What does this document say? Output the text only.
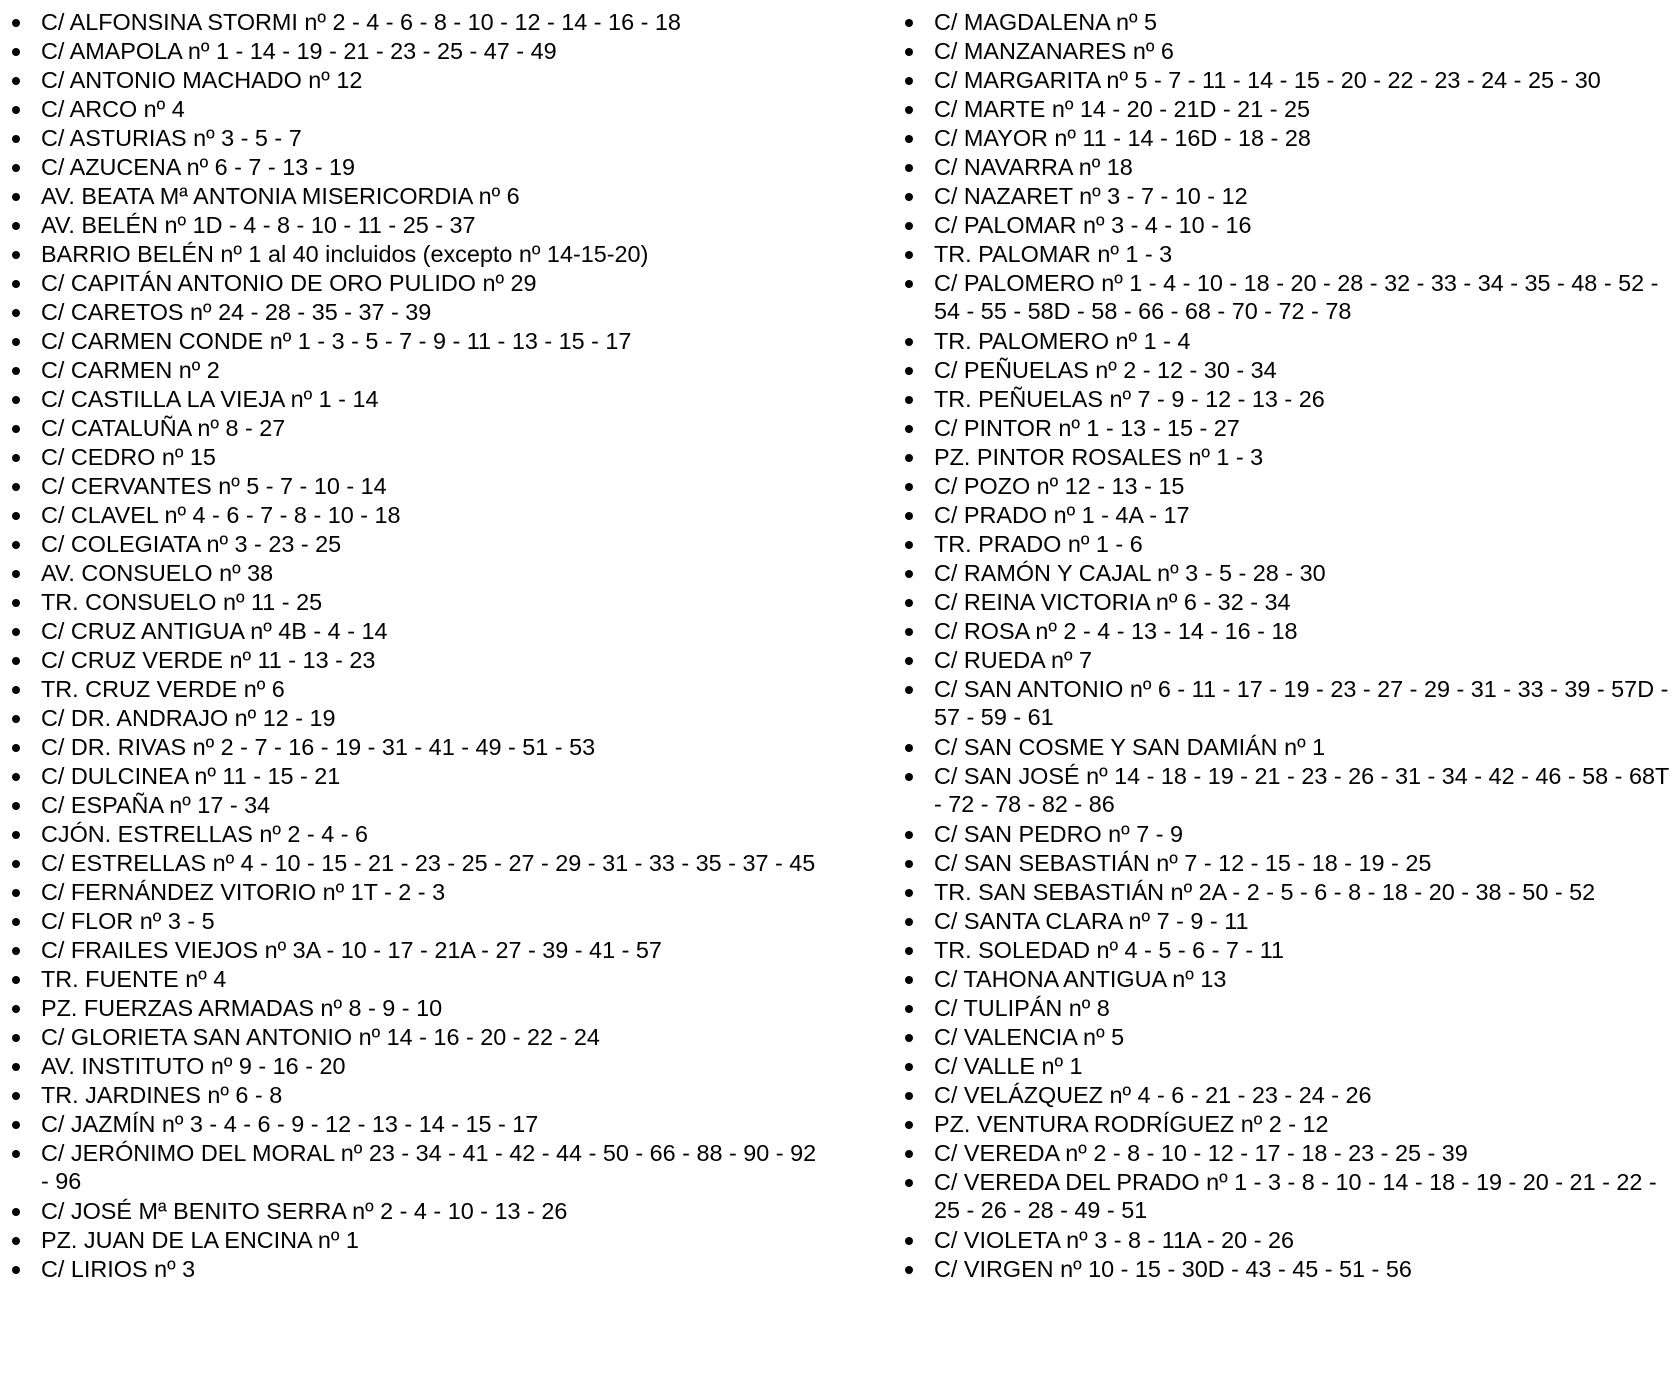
C/ ALFONSINA STORMI nº 2 - 4 - 6 - 8 - 10 - 12 - 14 - 16 - 18
C/ AMAPOLA nº 1 - 14 - 19 - 21 - 23 - 25 - 47 - 49
C/ ANTONIO MACHADO nº 12
C/ ARCO nº 4
C/ ASTURIAS nº 3 - 5 - 7
C/ AZUCENA nº 6 - 7 - 13 - 19
AV. BEATA Mª ANTONIA MISERICORDIA nº 6
AV. BELÉN nº 1D - 4 - 8 - 10 - 11 - 25 - 37
BARRIO BELÉN nº 1 al 40 incluidos (excepto nº 14-15-20)
C/ CAPITÁN ANTONIO DE ORO PULIDO nº 29
C/ CARETOS nº 24 - 28 - 35 - 37 - 39
C/ CARMEN CONDE nº 1 - 3 - 5 - 7 - 9 - 11 - 13 - 15 - 17
C/ CARMEN nº 2
C/ CASTILLA LA VIEJA nº 1 - 14
C/ CATALUÑA nº 8 - 27
C/ CEDRO nº 15
C/ CERVANTES nº 5 - 7 - 10 - 14
C/ CLAVEL nº 4 - 6 - 7 - 8 - 10 - 18
C/ COLEGIATA nº 3 - 23 - 25
AV. CONSUELO nº 38
TR. CONSUELO nº 11 - 25
C/ CRUZ ANTIGUA nº 4B - 4 - 14
C/ CRUZ VERDE nº 11 - 13 - 23
TR. CRUZ VERDE nº 6
C/ DR. ANDRAJO nº 12 - 19
C/ DR. RIVAS nº 2 - 7 - 16 - 19 - 31 - 41 - 49 - 51 - 53
C/ DULCINEA nº 11 - 15 - 21
C/ ESPAÑA nº 17 - 34
CJÓN. ESTRELLAS nº 2 - 4 - 6
C/ ESTRELLAS nº 4 - 10 - 15 - 21 - 23 - 25 - 27 - 29 - 31 - 33 - 35 - 37 - 45
C/ FERNÁNDEZ VITORIO nº 1T - 2 - 3
C/ FLOR nº 3 - 5
C/ FRAILES VIEJOS nº 3A - 10 - 17 - 21A - 27 - 39 - 41 - 57
TR. FUENTE nº 4
PZ. FUERZAS ARMADAS nº 8 - 9 - 10
C/ GLORIETA SAN ANTONIO nº 14 - 16 - 20 - 22 - 24
AV. INSTITUTO nº 9 - 16 - 20
TR. JARDINES nº 6 - 8
C/ JAZMÍN nº 3 - 4 - 6 - 9 - 12 - 13 - 14 - 15 - 17
C/ JERÓNIMO DEL MORAL nº 23 - 34 - 41 - 42 - 44 - 50 - 66 - 88 - 90 - 92 - 96
C/ JOSÉ Mª BENITO SERRA nº 2 - 4 - 10 - 13 - 26
PZ. JUAN DE LA ENCINA nº 1
C/ LIRIOS nº 3
C/ MAGDALENA nº 5
C/ MANZANARES nº 6
C/ MARGARITA nº 5 - 7 - 11 - 14 - 15 - 20 - 22 - 23 - 24 - 25 - 30
C/ MARTE nº 14 - 20 - 21D - 21 - 25
C/ MAYOR nº 11 - 14 - 16D - 18 - 28
C/ NAVARRA nº 18
C/ NAZARET nº 3 - 7 - 10 - 12
C/ PALOMAR nº 3 - 4 - 10 - 16
TR. PALOMAR nº 1 - 3
C/ PALOMERO nº 1 - 4 - 10 - 18 - 20 - 28 - 32 - 33 - 34 - 35 - 48 - 52 - 54 - 55 - 58D - 58 - 66 - 68 - 70 - 72 - 78
TR. PALOMERO nº 1 - 4
C/ PEÑUELAS nº 2 - 12 - 30 - 34
TR. PEÑUELAS nº 7 - 9 - 12 - 13 - 26
C/ PINTOR nº 1 - 13 - 15 - 27
PZ. PINTOR ROSALES nº 1 - 3
C/ POZO nº 12 - 13 - 15
C/ PRADO nº 1 - 4A - 17
TR. PRADO nº 1 - 6
C/ RAMÓN Y CAJAL nº 3 - 5 - 28 - 30
C/ REINA VICTORIA nº 6 - 32 - 34
C/ ROSA nº 2 - 4 - 13 - 14 - 16 - 18
C/ RUEDA nº 7
C/ SAN ANTONIO nº 6 - 11 - 17 - 19 - 23 - 27 - 29 - 31 - 33 - 39 - 57D - 57 - 59 - 61
C/ SAN COSME Y SAN DAMIÁN nº 1
C/ SAN JOSÉ nº 14 - 18 - 19 - 21 - 23 - 26 - 31 - 34 - 42 - 46 - 58 - 68T - 72 - 78 - 82 - 86
C/ SAN PEDRO nº 7 - 9
C/ SAN SEBASTIÁN nº 7 - 12 - 15 - 18 - 19 - 25
TR. SAN SEBASTIÁN nº 2A - 2 - 5 - 6 - 8 - 18 - 20 - 38 - 50 - 52
C/ SANTA CLARA nº 7 - 9 - 11
TR. SOLEDAD nº 4 - 5 - 6 - 7 - 11
C/ TAHONA ANTIGUA nº 13
C/ TULIPÁN nº 8
C/ VALENCIA nº 5
C/ VALLE nº 1
C/ VELÁZQUEZ nº 4 - 6 - 21 - 23 - 24 - 26
PZ. VENTURA RODRÍGUEZ nº 2 - 12
C/ VEREDA nº 2 - 8 - 10 - 12 - 17 - 18 - 23 - 25 - 39
C/ VEREDA DEL PRADO nº 1 - 3 - 8 - 10 - 14 - 18 - 19 - 20 - 21 - 22 - 25 - 26 - 28 - 49 - 51
C/ VIOLETA nº 3 - 8 - 11A - 20 - 26
C/ VIRGEN nº 10 - 15 - 30D - 43 - 45 - 51 - 56
